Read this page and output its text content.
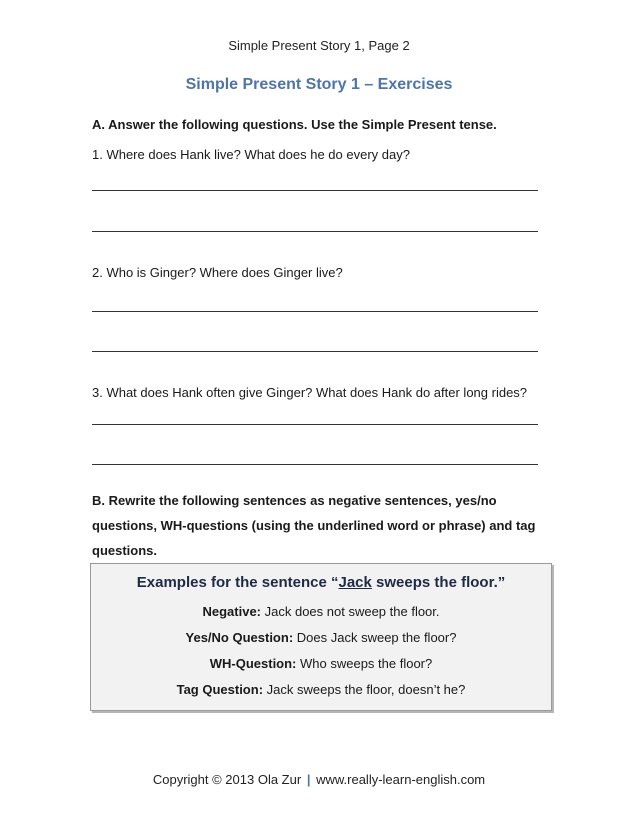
Simple Present Story 1, Page 2
Simple Present Story 1 – Exercises
A. Answer the following questions. Use the Simple Present tense.
1. Where does Hank live? What does he do every day?
2. Who is Ginger? Where does Ginger live?
3. What does Hank often give Ginger? What does Hank do after long rides?
B. Rewrite the following sentences as negative sentences, yes/no questions, WH-questions (using the underlined word or phrase) and tag questions.
Examples for the sentence “Jack sweeps the floor.”
Negative: Jack does not sweep the floor.
Yes/No Question: Does Jack sweep the floor?
WH-Question: Who sweeps the floor?
Tag Question: Jack sweeps the floor, doesn’t he?
Copyright © 2013 Ola Zur | www.really-learn-english.com
